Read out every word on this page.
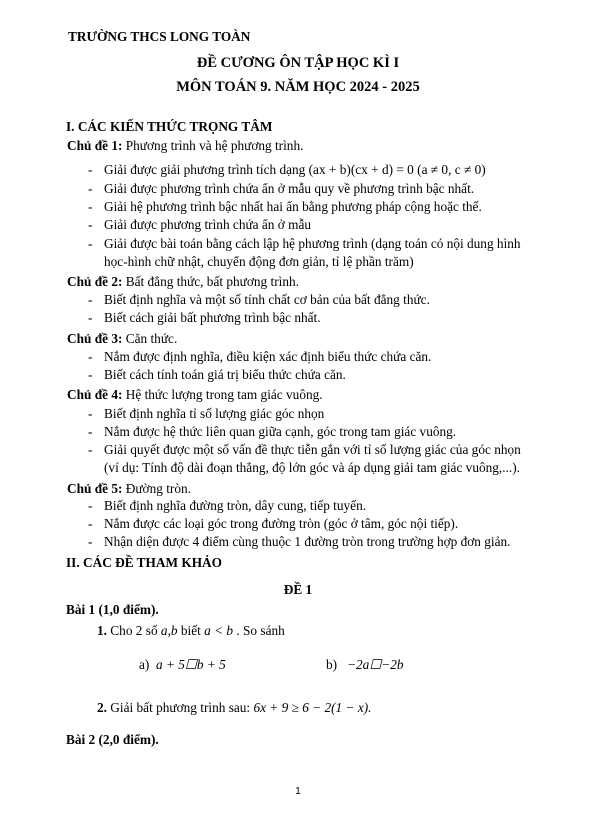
TRƯỜNG THCS LONG TOÀN
ĐỀ CƯƠNG ÔN TẬP HỌC KÌ I
MÔN TOÁN 9. NĂM HỌC 2024 - 2025
I. CÁC KIẾN THỨC TRỌNG TÂM
Chủ đề 1: Phương trình và hệ phương trình.
- Giải được giải phương trình tích dạng (ax + b)(cx + d) = 0 (a ≠ 0, c ≠ 0)
- Giải được phương trình chứa ẩn ở mẫu quy về phương trình bậc nhất.
- Giải hệ phương trình bậc nhất hai ẩn bằng phương pháp cộng hoặc thế.
- Giải được phương trình chứa ẩn ở mẫu
- Giải được bài toán bằng cách lập hệ phương trình (dạng toán có nội dung hình
học-hình chữ nhật, chuyển động đơn giản, tỉ lệ phần trăm)
Chủ đề 2: Bất đẳng thức, bất phương trình.
- Biết định nghĩa và một số tính chất cơ bản của bất đẳng thức.
- Biết cách giải bất phương trình bậc nhất.
Chủ đề 3: Căn thức.
- Nắm được định nghĩa, điều kiện xác định biểu thức chứa căn.
- Biết cách tính toán giá trị biểu thức chứa căn.
Chủ đề 4: Hệ thức lượng trong tam giác vuông.
- Biết định nghĩa tỉ số lượng giác góc nhọn
- Nắm được hệ thức liên quan giữa cạnh, góc trong tam giác vuông.
- Giải quyết được một số vấn đề thực tiễn gắn với tỉ số lượng giác của góc nhọn
(ví dụ: Tính độ dài đoạn thẳng, độ lớn góc và áp dụng giải tam giác vuông,...).
Chủ đề 5: Đường tròn.
- Biết định nghĩa đường tròn, dây cung, tiếp tuyến.
- Nắm được các loại góc trong đường tròn (góc ở tâm, góc nội tiếp).
- Nhận diện được 4 điểm cùng thuộc 1 đường tròn trong trường hợp đơn giản.
II. CÁC ĐỀ THAM KHẢO
ĐỀ 1
Bài 1 (1,0 điểm).
1. Cho 2 số a,b biết a < b . So sánh
a) a + 5☐b + 5	b) −2a☐−2b
2. Giải bất phương trình sau: 6x + 9 ≥ 6 − 2(1 − x).
Bài 2 (2,0 điểm).
1
